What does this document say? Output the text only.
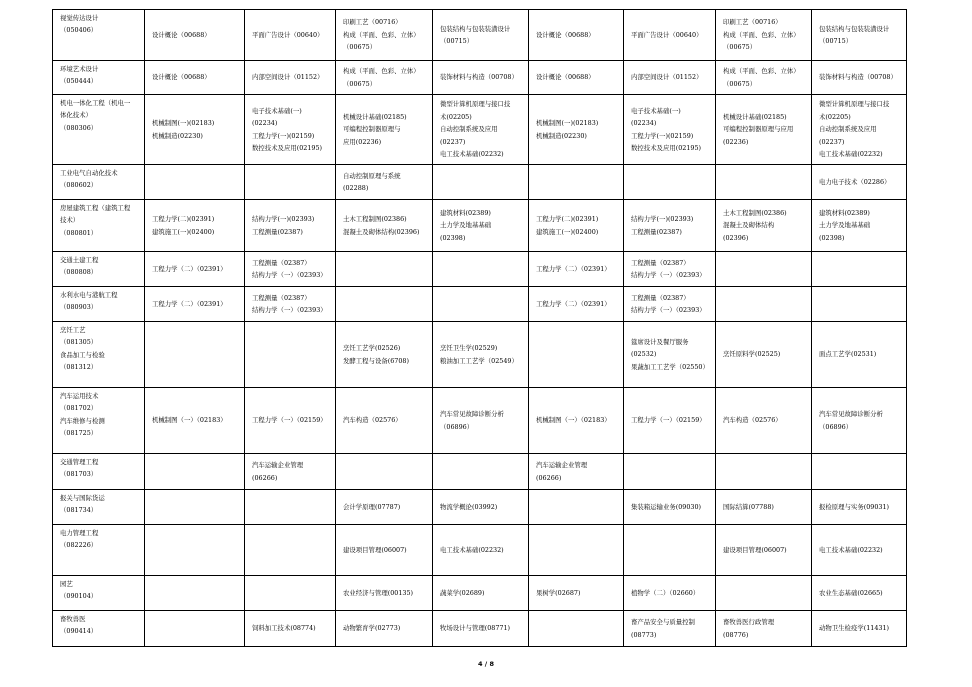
视觉传达设计
（050406）	设计概论（00688）	平面广告设计（00640）	印刷工艺（00716）
构成（平面、色彩、立体）
（00675）	包装结构与包装装潢设计
（00715）	设计概论（00688）	平面广告设计（00640）	印刷工艺（00716）
构成（平面、色彩、立体）
（00675）	包装结构与包装装潢设计
（00715）

环境艺术设计
（050444）	设计概论（00688）	内部空间设计（01152）	构成（平面、色彩、立体）
（00675）	装饰材料与构造（00708）	设计概论（00688）	内部空间设计（01152）	构成（平面、色彩、立体）
（00675）	装饰材料与构造（00708）

机电一体化工程（机电一
体化技术）
（080306）	机械制图(一)(02183)
机械制造(02230)	电子技术基础(一)
(02234)
工程力学(一)(02159)
数控技术及应用(02195)	机械设计基础(02185)
可编程控制器原理与
应用(02236)	微型计算机原理与接口技
术(02205)
自动控制系统及应用
(02237)
电工技术基础(02232)	机械制图(一)(02183)
机械制造(02230)	电子技术基础(一)
(02234)
工程力学(一)(02159)
数控技术及应用(02195)	机械设计基础(02185)
可编程控制器原理与应用
(02236)	微型计算机原理与接口技
术(02205)
自动控制系统及应用
(02237)
电工技术基础(02232)

工业电气自动化技术
（080602）			自动控制原理与系统
(02288)					电力电子技术（02286）

房屋建筑工程（建筑工程
技术）
（080801）	工程力学(二)(02391)
建筑施工(一)(02400)	结构力学(一)(02393)
工程测量(02387)	土木工程制图(02386)
混凝土及砌体结构(02396)	建筑材料(02389)
土力学及地基基础
(02398)	工程力学(二)(02391)
建筑施工(一)(02400)	结构力学(一)(02393)
工程测量(02387)	土木工程制图(02386)
混凝土及砌体结构
(02396)	建筑材料(02389)
土力学及地基基础
(02398)

交通土建工程
（080808）	工程力学（二）（02391）	工程测量（02387）
结构力学（一）（02393）			工程力学（二）（02391）	工程测量（02387）
结构力学（一）（02393）		

水利水电与港航工程
（080903）	工程力学（二）（02391）	工程测量（02387）
结构力学（一）（02393）			工程力学（二）（02391）	工程测量（02387）
结构力学（一）（02393）		

烹饪工艺
（081305）
食品加工与检验
（081312）			烹饪工艺学(02526)
发酵工程与设备(6708)	烹饪卫生学(02529)
粮油加工工艺学（02549）		筵席设计及餐厅服务
(02532)
果蔬加工工艺学（02550）	烹饪原料学(02525)	面点工艺学(02531)

汽车运用技术
（081702）
汽车维修与检测
（081725）	机械制图（一）（02183）	工程力学（一）（02159）	汽车构造（02576）	汽车常见故障诊断分析
（06896）	机械制图（一）（02183）	工程力学（一）（02159）	汽车构造（02576）	汽车常见故障诊断分析
（06896）

交通管理工程
（081703）		汽车运输企业管理
(06266)			汽车运输企业管理
(06266)			

报关与国际货运
（081734）			会计学原理(07787)	物流学概论(03992)		集装箱运输业务(09030)	国际结算(07788)	报检原理与实务(09031)

电力管理工程
（082226）			建设项目管理(06007)	电工技术基础(02232)			建设项目管理(06007)	电工技术基础(02232)

园艺
（090104）			农业经济与管理(00135)	蔬菜学(02689)	果树学(02687)	植物学（二）（02660）		农业生态基础(02665)

畜牧兽医
（090414）		饲料加工技术(08774)	动物繁育学(02773)	牧场设计与管理(08771)		畜产品安全与质量控制
(08773)	畜牧兽医行政管理
(08776)	动物卫生检疫学(11431)
4 / 8
